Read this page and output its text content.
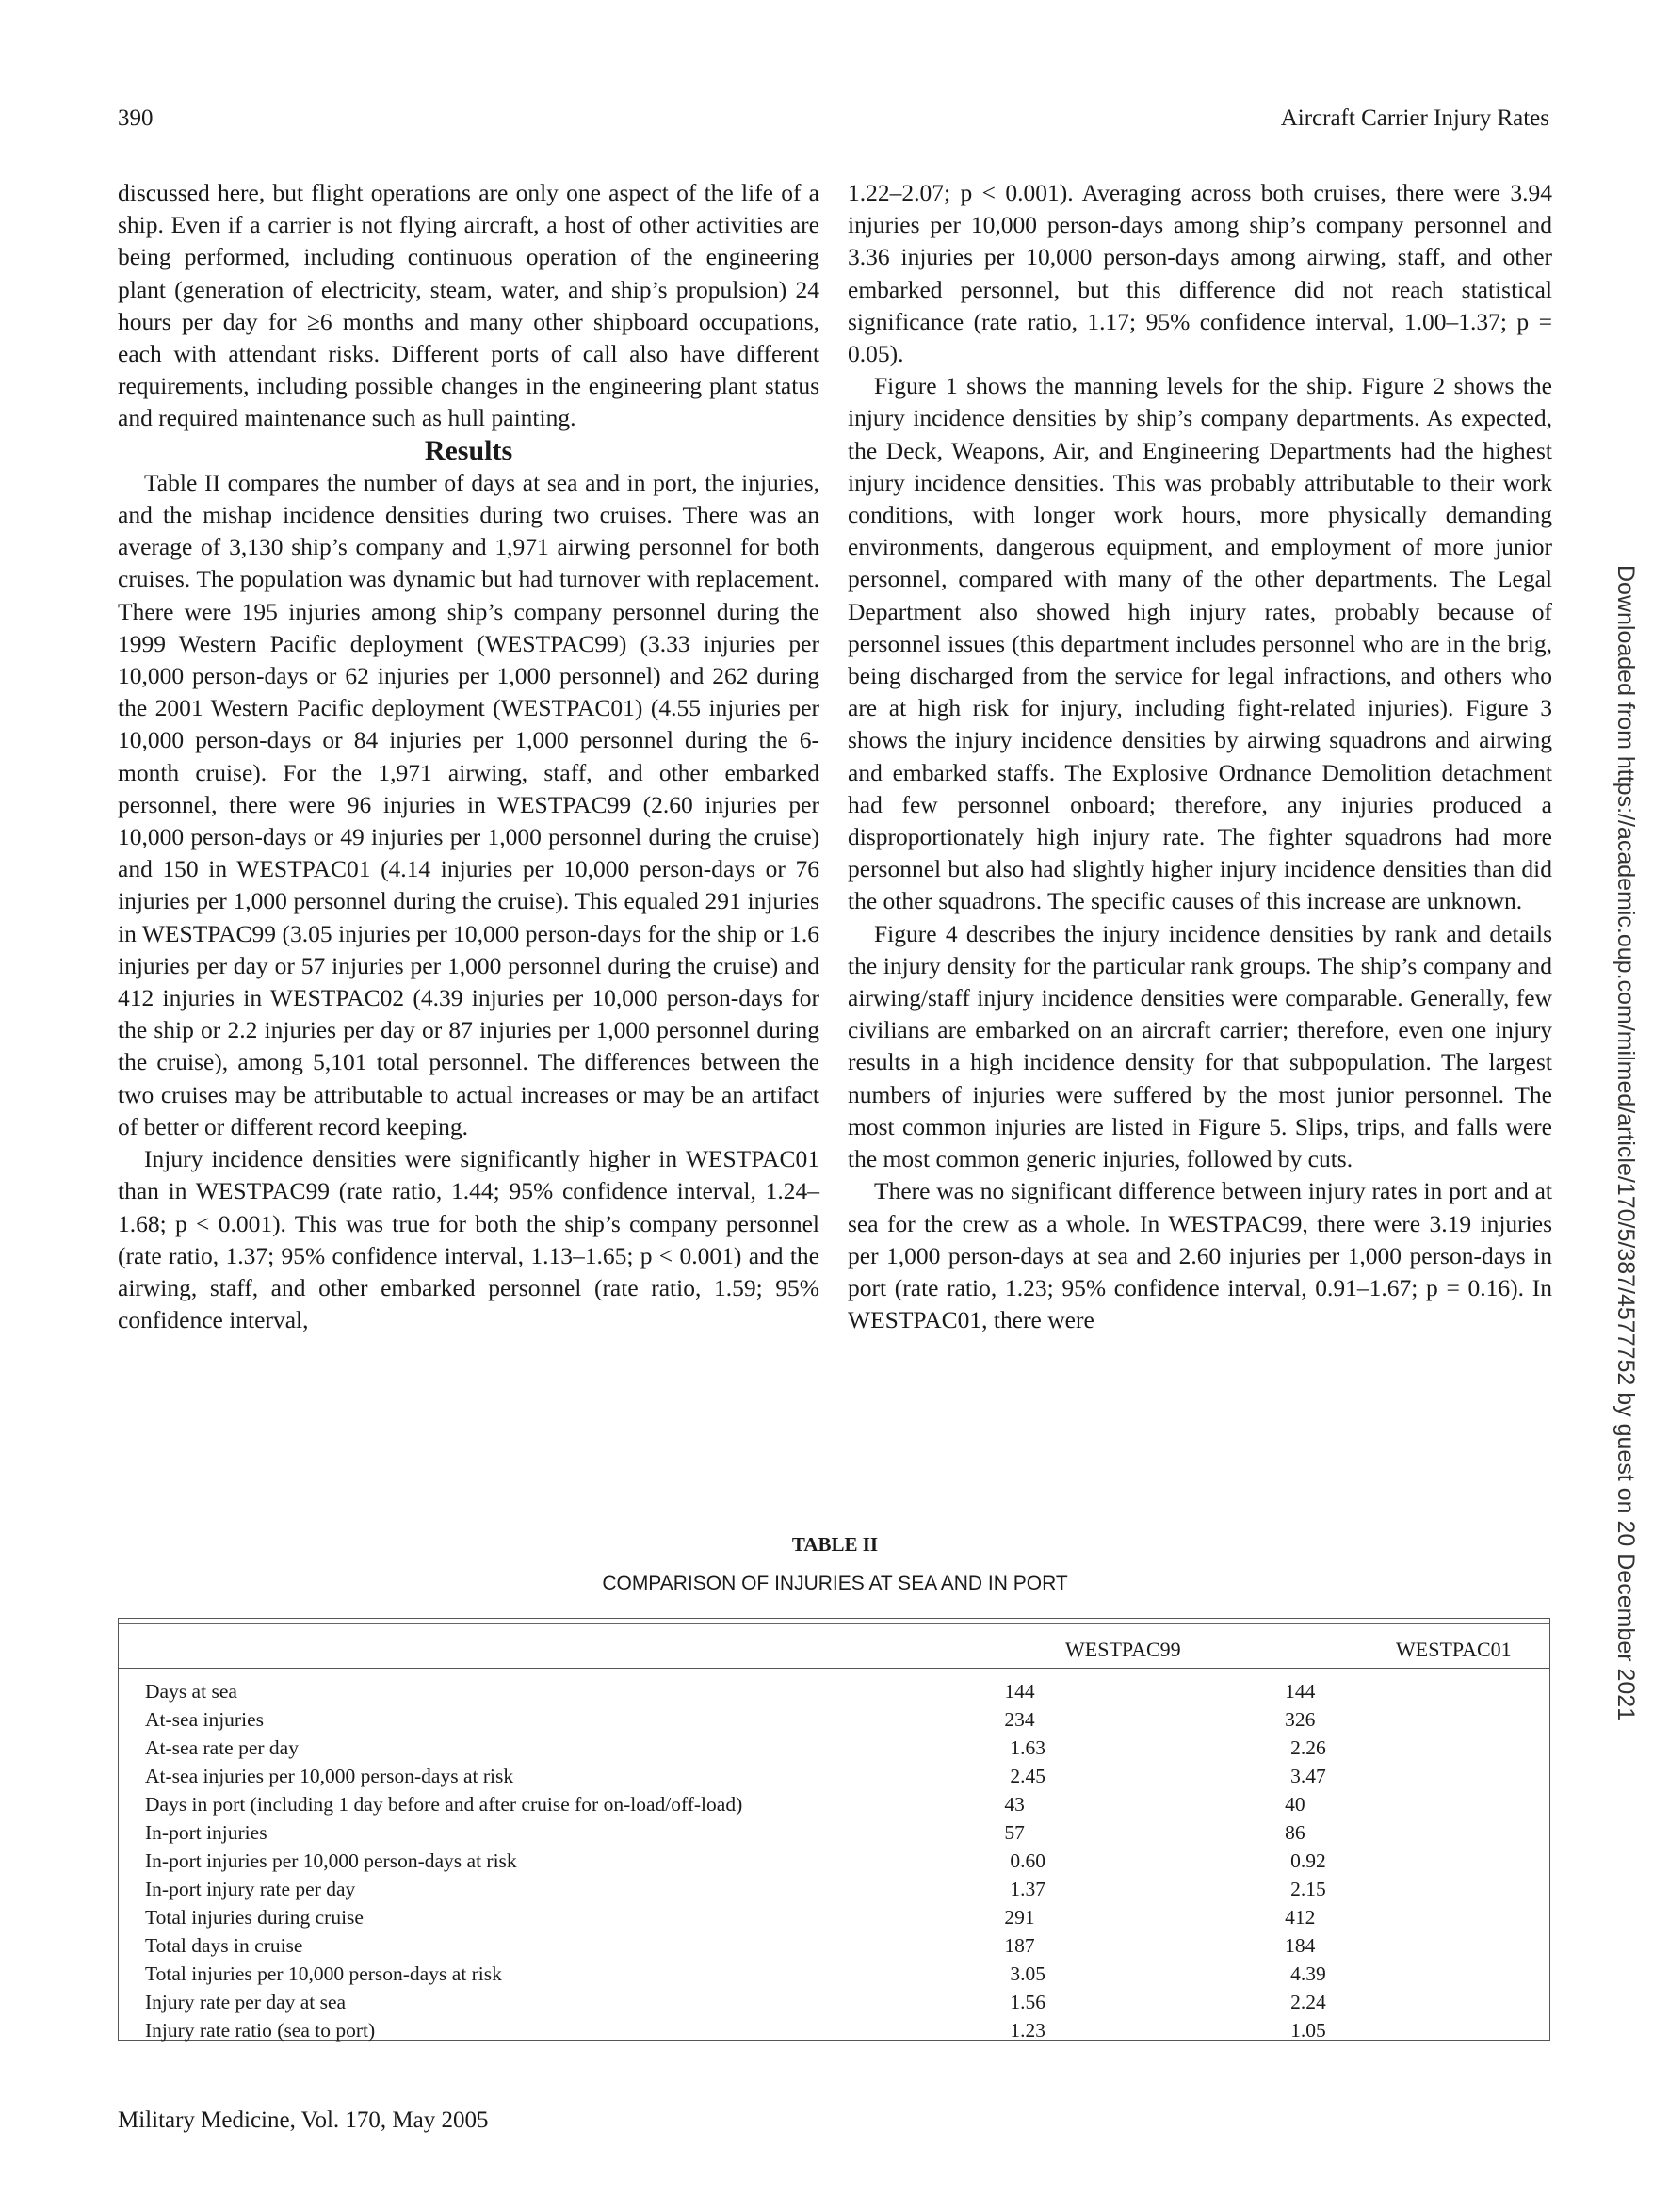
390	Aircraft Carrier Injury Rates

discussed here, but flight operations are only one aspect of the life of a ship. Even if a carrier is not flying aircraft, a host of other activities are being performed, including continuous operation of the engineering plant (generation of electricity, steam, water, and ship’s propulsion) 24 hours per day for ≥6 months and many other shipboard occupations, each with attendant risks. Different ports of call also have different requirements, including possible changes in the engineering plant status and required maintenance such as hull painting.

Results

Table II compares the number of days at sea and in port, the injuries, and the mishap incidence densities during two cruises. There was an average of 3,130 ship’s company and 1,971 airwing personnel for both cruises. The population was dynamic but had turnover with replacement. There were 195 injuries among ship’s company personnel during the 1999 Western Pacific deployment (WESTPAC99) (3.33 injuries per 10,000 person-days or 62 injuries per 1,000 personnel) and 262 during the 2001 Western Pacific deployment (WESTPAC01) (4.55 injuries per 10,000 person-days or 84 injuries per 1,000 personnel during the 6-month cruise). For the 1,971 airwing, staff, and other embarked personnel, there were 96 injuries in WESTPAC99 (2.60 injuries per 10,000 person-days or 49 injuries per 1,000 personnel during the cruise) and 150 in WESTPAC01 (4.14 injuries per 10,000 person-days or 76 injuries per 1,000 personnel during the cruise). This equaled 291 injuries in WESTPAC99 (3.05 injuries per 10,000 person-days for the ship or 1.6 injuries per day or 57 injuries per 1,000 personnel during the cruise) and 412 injuries in WESTPAC02 (4.39 injuries per 10,000 person-days for the ship or 2.2 injuries per day or 87 injuries per 1,000 personnel during the cruise), among 5,101 total personnel. The differences between the two cruises may be attributable to actual increases or may be an artifact of better or different record keeping.

Injury incidence densities were significantly higher in WESTPAC01 than in WESTPAC99 (rate ratio, 1.44; 95% confidence interval, 1.24–1.68; p < 0.001). This was true for both the ship’s company personnel (rate ratio, 1.37; 95% confidence interval, 1.13–1.65; p < 0.001) and the airwing, staff, and other embarked personnel (rate ratio, 1.59; 95% confidence interval,

1.22–2.07; p < 0.001). Averaging across both cruises, there were 3.94 injuries per 10,000 person-days among ship’s company personnel and 3.36 injuries per 10,000 person-days among airwing, staff, and other embarked personnel, but this difference did not reach statistical significance (rate ratio, 1.17; 95% confidence interval, 1.00–1.37; p = 0.05).

Figure 1 shows the manning levels for the ship. Figure 2 shows the injury incidence densities by ship’s company departments. As expected, the Deck, Weapons, Air, and Engineering Departments had the highest injury incidence densities. This was probably attributable to their work conditions, with longer work hours, more physically demanding environments, dangerous equipment, and employment of more junior personnel, compared with many of the other departments. The Legal Department also showed high injury rates, probably because of personnel issues (this department includes personnel who are in the brig, being discharged from the service for legal infractions, and others who are at high risk for injury, including fight-related injuries). Figure 3 shows the injury incidence densities by airwing squadrons and airwing and embarked staffs. The Explosive Ordnance Demolition detachment had few personnel onboard; therefore, any injuries produced a disproportionately high injury rate. The fighter squadrons had more personnel but also had slightly higher injury incidence densities than did the other squadrons. The specific causes of this increase are unknown.

Figure 4 describes the injury incidence densities by rank and details the injury density for the particular rank groups. The ship’s company and airwing/staff injury incidence densities were comparable. Generally, few civilians are embarked on an aircraft carrier; therefore, even one injury results in a high incidence density for that subpopulation. The largest numbers of injuries were suffered by the most junior personnel. The most common injuries are listed in Figure 5. Slips, trips, and falls were the most common generic injuries, followed by cuts.

There was no significant difference between injury rates in port and at sea for the crew as a whole. In WESTPAC99, there were 3.19 injuries per 1,000 person-days at sea and 2.60 injuries per 1,000 person-days in port (rate ratio, 1.23; 95% confidence interval, 0.91–1.67; p = 0.16). In WESTPAC01, there were	Downloaded from https://academic.oup.com/milmed/article/170/5/387/4577752 by guest on 20 December 2021
TABLE II
COMPARISON OF INJURIES AT SEA AND IN PORT
WESTPAC99	WESTPAC01
Days at sea	144	144
At-sea injuries	234	326
At-sea rate per day	1.63	2.26
At-sea injuries per 10,000 person-days at risk	2.45	3.47
Days in port (including 1 day before and after cruise for on-load/off-load)	43	40
In-port injuries	57	86
In-port injuries per 10,000 person-days at risk	0.60	0.92
In-port injury rate per day	1.37	2.15
Total injuries during cruise	291	412
Total days in cruise	187	184
Total injuries per 10,000 person-days at risk	3.05	4.39
Injury rate per day at sea	1.56	2.24
Injury rate ratio (sea to port)	1.23	1.05
Military Medicine, Vol. 170, May 2005
